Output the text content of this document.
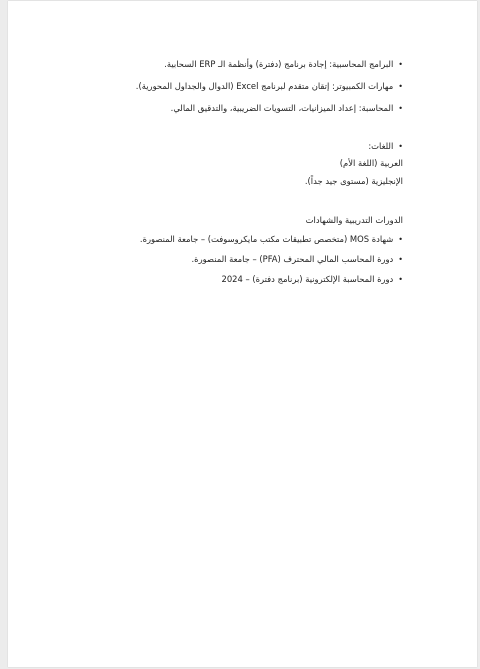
•البرامج المحاسبية: إجادة برنامج (دفترة) وأنظمة الـ ERP السحابية.
•مهارات الكمبيوتر: إتقان متقدم لبرنامج Excel (الدوال والجداول المحورية).
•المحاسبة: إعداد الميزانيات، التسويات الضريبية، والتدقيق المالي.
•اللغات:
العربية (اللغة الأم)
الإنجليزية (مستوى جيد جداً).
الدورات التدريبية والشهادات
•شهادة MOS (متخصص تطبيقات مكتب مايكروسوفت) – جامعة المنصورة.
•دورة المحاسب المالي المحترف (PFA) – جامعة المنصورة.
•دورة المحاسبة الإلكترونية (برنامج دفترة) – 2024
